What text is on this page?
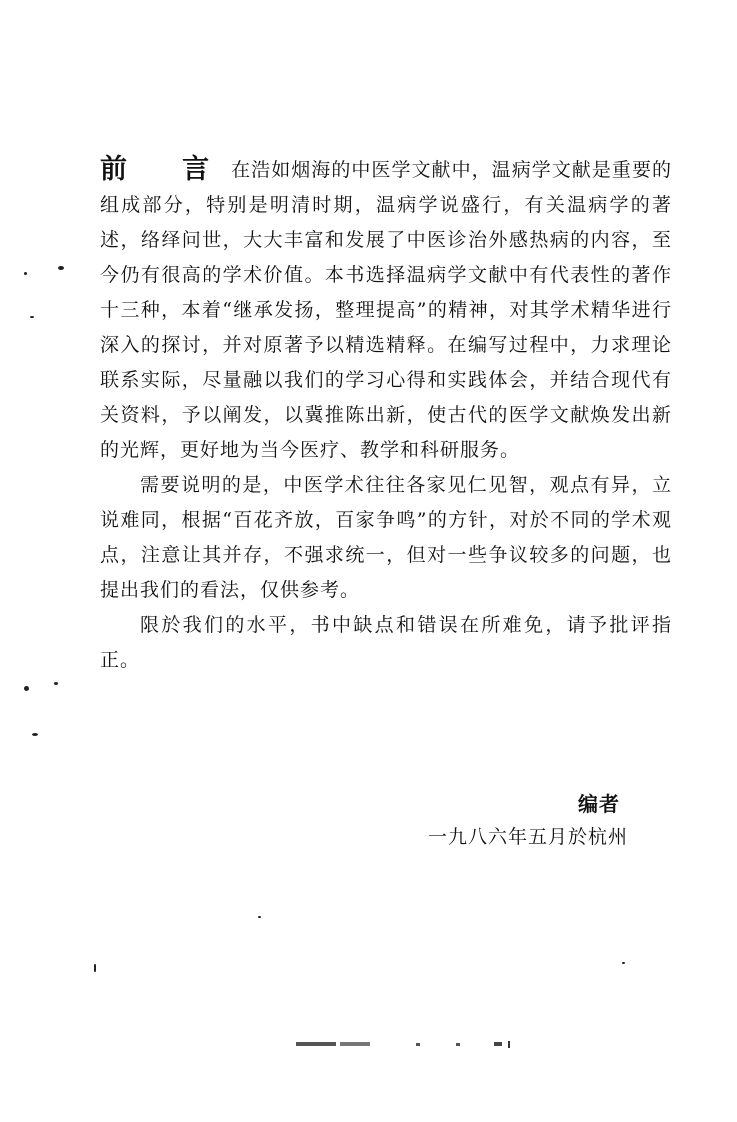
前　言 在浩如烟海的中医学文献中，温病学文献是重要的组成部分，特别是明清时期，温病学说盛行，有关温病学的著述，络绎问世，大大丰富和发展了中医诊治外感热病的内容，至今仍有很高的学术价值。本书选择温病学文献中有代表性的著作十三种，本着“继承发扬，整理提高”的精神，对其学术精华进行深入的探讨，并对原著予以精选精释。在编写过程中，力求理论联系实际，尽量融以我们的学习心得和实践体会，并结合现代有关资料，予以阐发，以冀推陈出新，使古代的医学文献焕发出新的光辉，更好地为当今医疗、教学和科研服务。

需要说明的是，中医学术往往各家见仁见智，观点有异，立说难同，根据“百花齐放，百家争鸣”的方针，对於不同的学术观点，注意让其并存，不强求统一，但对一些争议较多的问题，也提出我们的看法，仅供参考。

限於我们的水平，书中缺点和错误在所难免，请予批评指正。

编者
一九八六年五月於杭州
